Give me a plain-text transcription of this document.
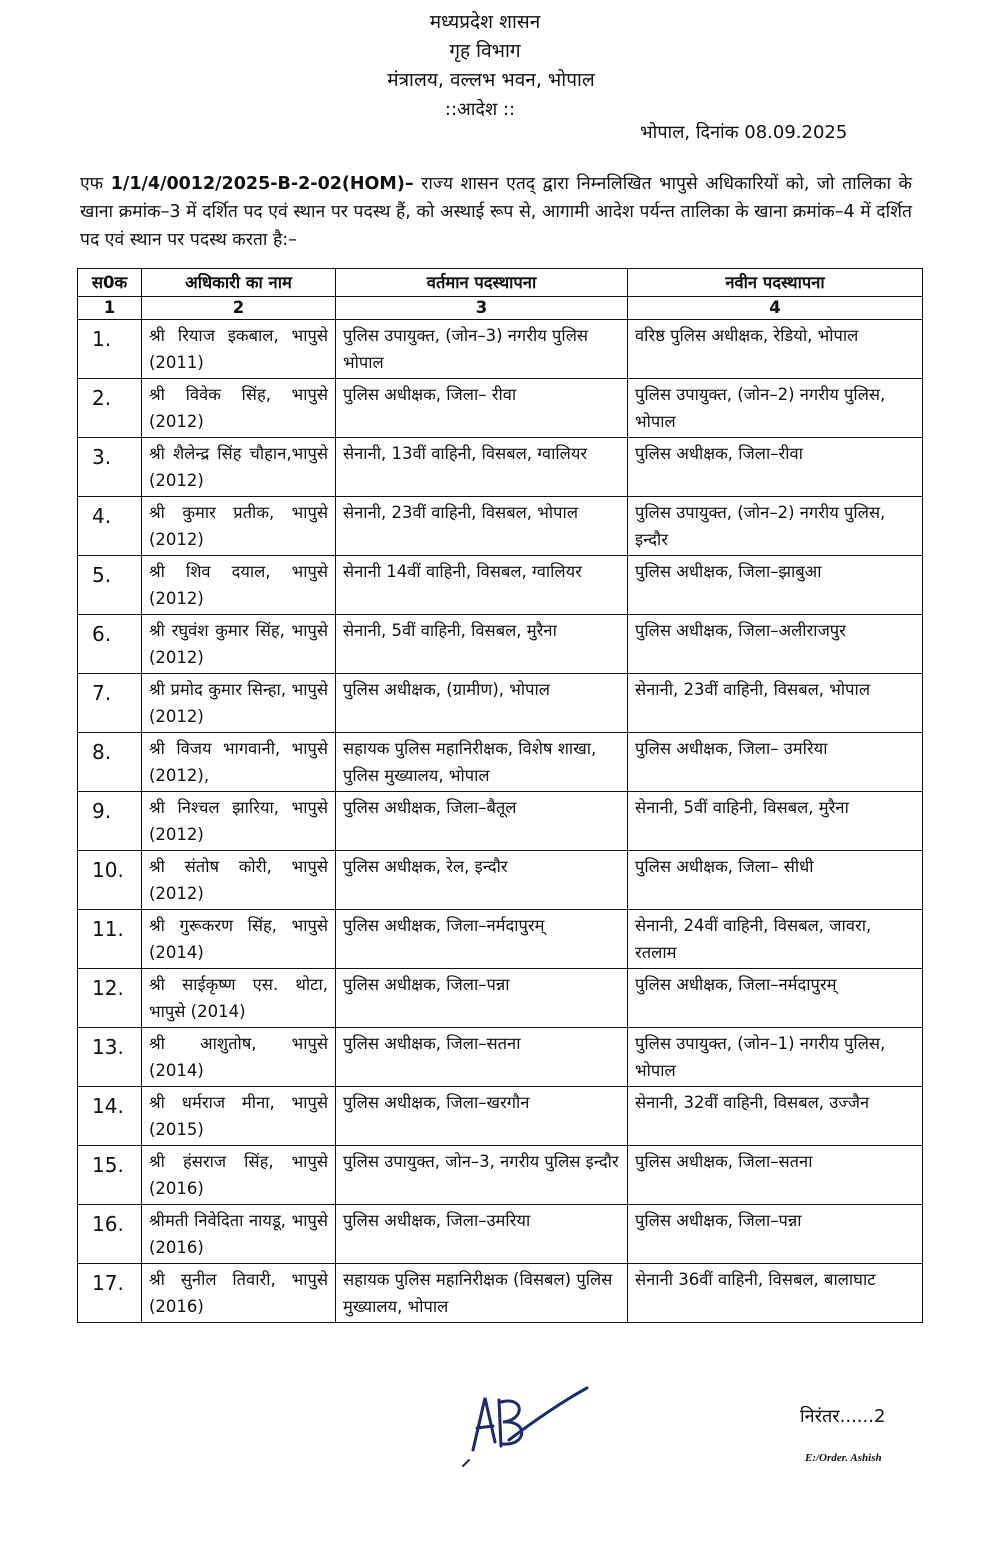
मध्यप्रदेश शासन
गृह विभाग
मंत्रालय, वल्लभ भवन, भोपाल
::आदेश ::
भोपाल, दिनांक 08.09.2025
एफ 1/1/4/0012/2025-B-2-02(HOM)– राज्य शासन एतद् द्वारा निम्नलिखित भापुसे अधिकारियों को, जो तालिका के खाना क्रमांक–3 में दर्शित पद एवं स्थान पर पदस्थ हैं, को अस्थाई रूप से, आगामी आदेश पर्यन्त तालिका के खाना क्रमांक–4 में दर्शित पद एवं स्थान पर पदस्थ करता है:–
स0क	अधिकारी का नाम	वर्तमान पदस्थापना	नवीन पदस्थापना
1	2	3	4
1.	श्री रियाज इकबाल, भापुसे (2011)	पुलिस उपायुक्त, (जोन–3) नगरीय पुलिस भोपाल	वरिष्ठ पुलिस अधीक्षक, रेडियो, भोपाल
2.	श्री विवेक सिंह, भापुसे (2012)	पुलिस अधीक्षक, जिला– रीवा	पुलिस उपायुक्त, (जोन–2) नगरीय पुलिस, भोपाल
3.	श्री शैलेन्द्र सिंह चौहान,भापुसे (2012)	सेनानी, 13वीं वाहिनी, विसबल, ग्वालियर	पुलिस अधीक्षक, जिला–रीवा
4.	श्री कुमार प्रतीक, भापुसे (2012)	सेनानी, 23वीं वाहिनी, विसबल, भोपाल	पुलिस उपायुक्त, (जोन–2) नगरीय पुलिस, इन्दौर
5.	श्री शिव दयाल, भापुसे (2012)	सेनानी 14वीं वाहिनी, विसबल, ग्वालियर	पुलिस अधीक्षक, जिला–झाबुआ
6.	श्री रघुवंश कुमार सिंह, भापुसे (2012)	सेनानी, 5वीं वाहिनी, विसबल, मुरैना	पुलिस अधीक्षक, जिला–अलीराजपुर
7.	श्री प्रमोद कुमार सिन्हा, भापुसे (2012)	पुलिस अधीक्षक, (ग्रामीण), भोपाल	सेनानी, 23वीं वाहिनी, विसबल, भोपाल
8.	श्री विजय भागवानी, भापुसे (2012),	सहायक पुलिस महानिरीक्षक, विशेष शाखा, पुलिस मुख्यालय, भोपाल	पुलिस अधीक्षक, जिला– उमरिया
9.	श्री निश्चल झारिया, भापुसे (2012)	पुलिस अधीक्षक, जिला–बैतूल	सेनानी, 5वीं वाहिनी, विसबल, मुरैना
10.	श्री संतोष कोरी, भापुसे (2012)	पुलिस अधीक्षक, रेल, इन्दौर	पुलिस अधीक्षक, जिला– सीधी
11.	श्री गुरूकरण सिंह, भापुसे (2014)	पुलिस अधीक्षक, जिला–नर्मदापुरम्	सेनानी, 24वीं वाहिनी, विसबल, जावरा, रतलाम
12.	श्री साईकृष्ण एस. थोटा, भापुसे (2014)	पुलिस अधीक्षक, जिला–पन्ना	पुलिस अधीक्षक, जिला–नर्मदापुरम्
13.	श्री आशुतोष, भापुसे (2014)	पुलिस अधीक्षक, जिला–सतना	पुलिस उपायुक्त, (जोन–1) नगरीय पुलिस, भोपाल
14.	श्री धर्मराज मीना, भापुसे (2015)	पुलिस अधीक्षक, जिला–खरगौन	सेनानी, 32वीं वाहिनी, विसबल, उज्जैन
15.	श्री हंसराज सिंह, भापुसे (2016)	पुलिस उपायुक्त, जोन–3, नगरीय पुलिस इन्दौर	पुलिस अधीक्षक, जिला–सतना
16.	श्रीमती निवेदिता नायडू, भापुसे (2016)	पुलिस अधीक्षक, जिला–उमरिया	पुलिस अधीक्षक, जिला–पन्ना
17.	श्री सुनील तिवारी, भापुसे (2016)	सहायक पुलिस महानिरीक्षक (विसबल) पुलिस मुख्यालय, भोपाल	सेनानी 36वीं वाहिनी, विसबल, बालाघाट
निरंतर......2
E:/Order. Ashish
